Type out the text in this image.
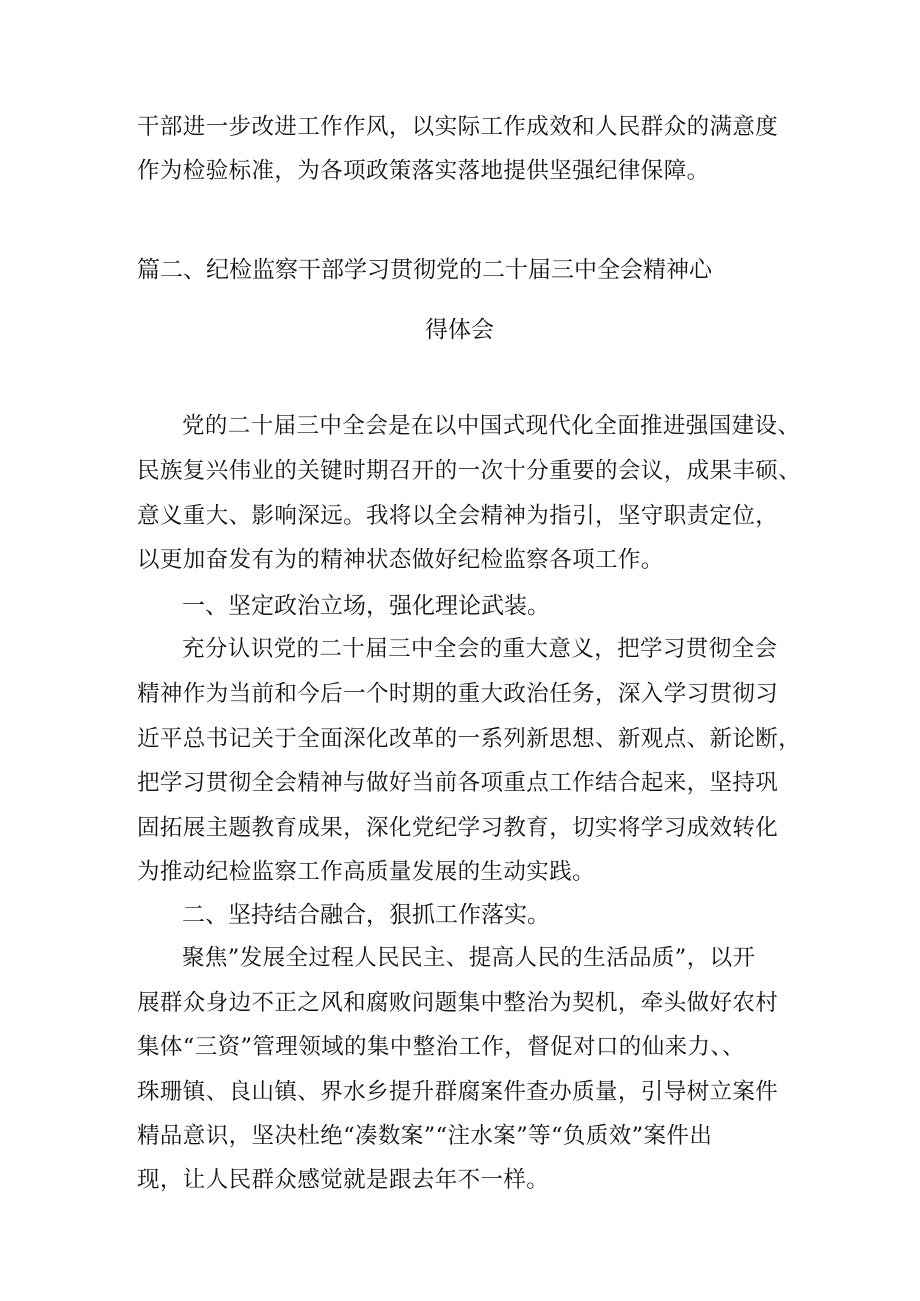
干部进一步改进工作作风，以实际工作成效和人民群众的满意度
作为检验标准，为各项政策落实落地提供坚强纪律保障。
篇二、纪检监察干部学习贯彻党的二十届三中全会精神心
得体会
党的二十届三中全会是在以中国式现代化全面推进强国建设、
民族复兴伟业的关键时期召开的一次十分重要的会议，成果丰硕、
意义重大、影响深远。我将以全会精神为指引，坚守职责定位，
以更加奋发有为的精神状态做好纪检监察各项工作。
一、坚定政治立场，强化理论武装。
充分认识党的二十届三中全会的重大意义，把学习贯彻全会
精神作为当前和今后一个时期的重大政治任务，深入学习贯彻习
近平总书记关于全面深化改革的一系列新思想、新观点、新论断，
把学习贯彻全会精神与做好当前各项重点工作结合起来，坚持巩
固拓展主题教育成果，深化党纪学习教育，切实将学习成效转化
为推动纪检监察工作高质量发展的生动实践。
二、坚持结合融合，狠抓工作落实。
聚焦”发展全过程人民民主、提高人民的生活品质”，以开
展群众身边不正之风和腐败问题集中整治为契机，牵头做好农村
集体“三资”管理领域的集中整治工作，督促对口的仙来力、、
珠珊镇、良山镇、界水乡提升群腐案件查办质量，引导树立案件
精品意识，坚决杜绝“凑数案”“注水案”等“负质效”案件出
现，让人民群众感觉就是跟去年不一样。
